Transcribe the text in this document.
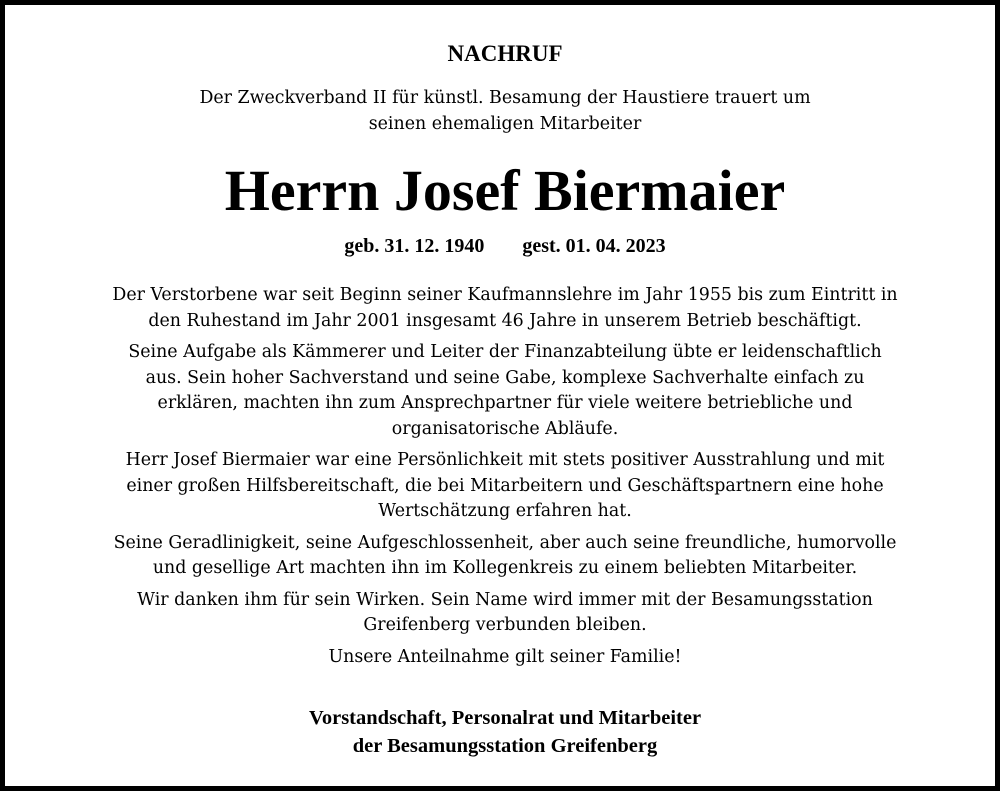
NACHRUF
Der Zweckverband II für künstl. Besamung der Haustiere trauert um
seinen ehemaligen Mitarbeiter
Herrn Josef Biermaier
geb. 31. 12. 1940 gest. 01. 04. 2023

Der Verstorbene war seit Beginn seiner Kaufmannslehre im Jahr 1955 bis zum Eintritt in
den Ruhestand im Jahr 2001 insgesamt 46 Jahre in unserem Betrieb beschäftigt.

Seine Aufgabe als Kämmerer und Leiter der Finanzabteilung übte er leidenschaftlich
aus. Sein hoher Sachverstand und seine Gabe, komplexe Sachverhalte einfach zu
erklären, machten ihn zum Ansprechpartner für viele weitere betriebliche und
organisatorische Abläufe.

Herr Josef Biermaier war eine Persönlichkeit mit stets positiver Ausstrahlung und mit
einer großen Hilfsbereitschaft, die bei Mitarbeitern und Geschäftspartnern eine hohe
Wertschätzung erfahren hat.

Seine Geradlinigkeit, seine Aufgeschlossenheit, aber auch seine freundliche, humorvolle
und gesellige Art machten ihn im Kollegenkreis zu einem beliebten Mitarbeiter.

Wir danken ihm für sein Wirken. Sein Name wird immer mit der Besamungsstation
Greifenberg verbunden bleiben.

Unsere Anteilnahme gilt seiner Familie!

Vorstandschaft, Personalrat und Mitarbeiter
der Besamungsstation Greifenberg
